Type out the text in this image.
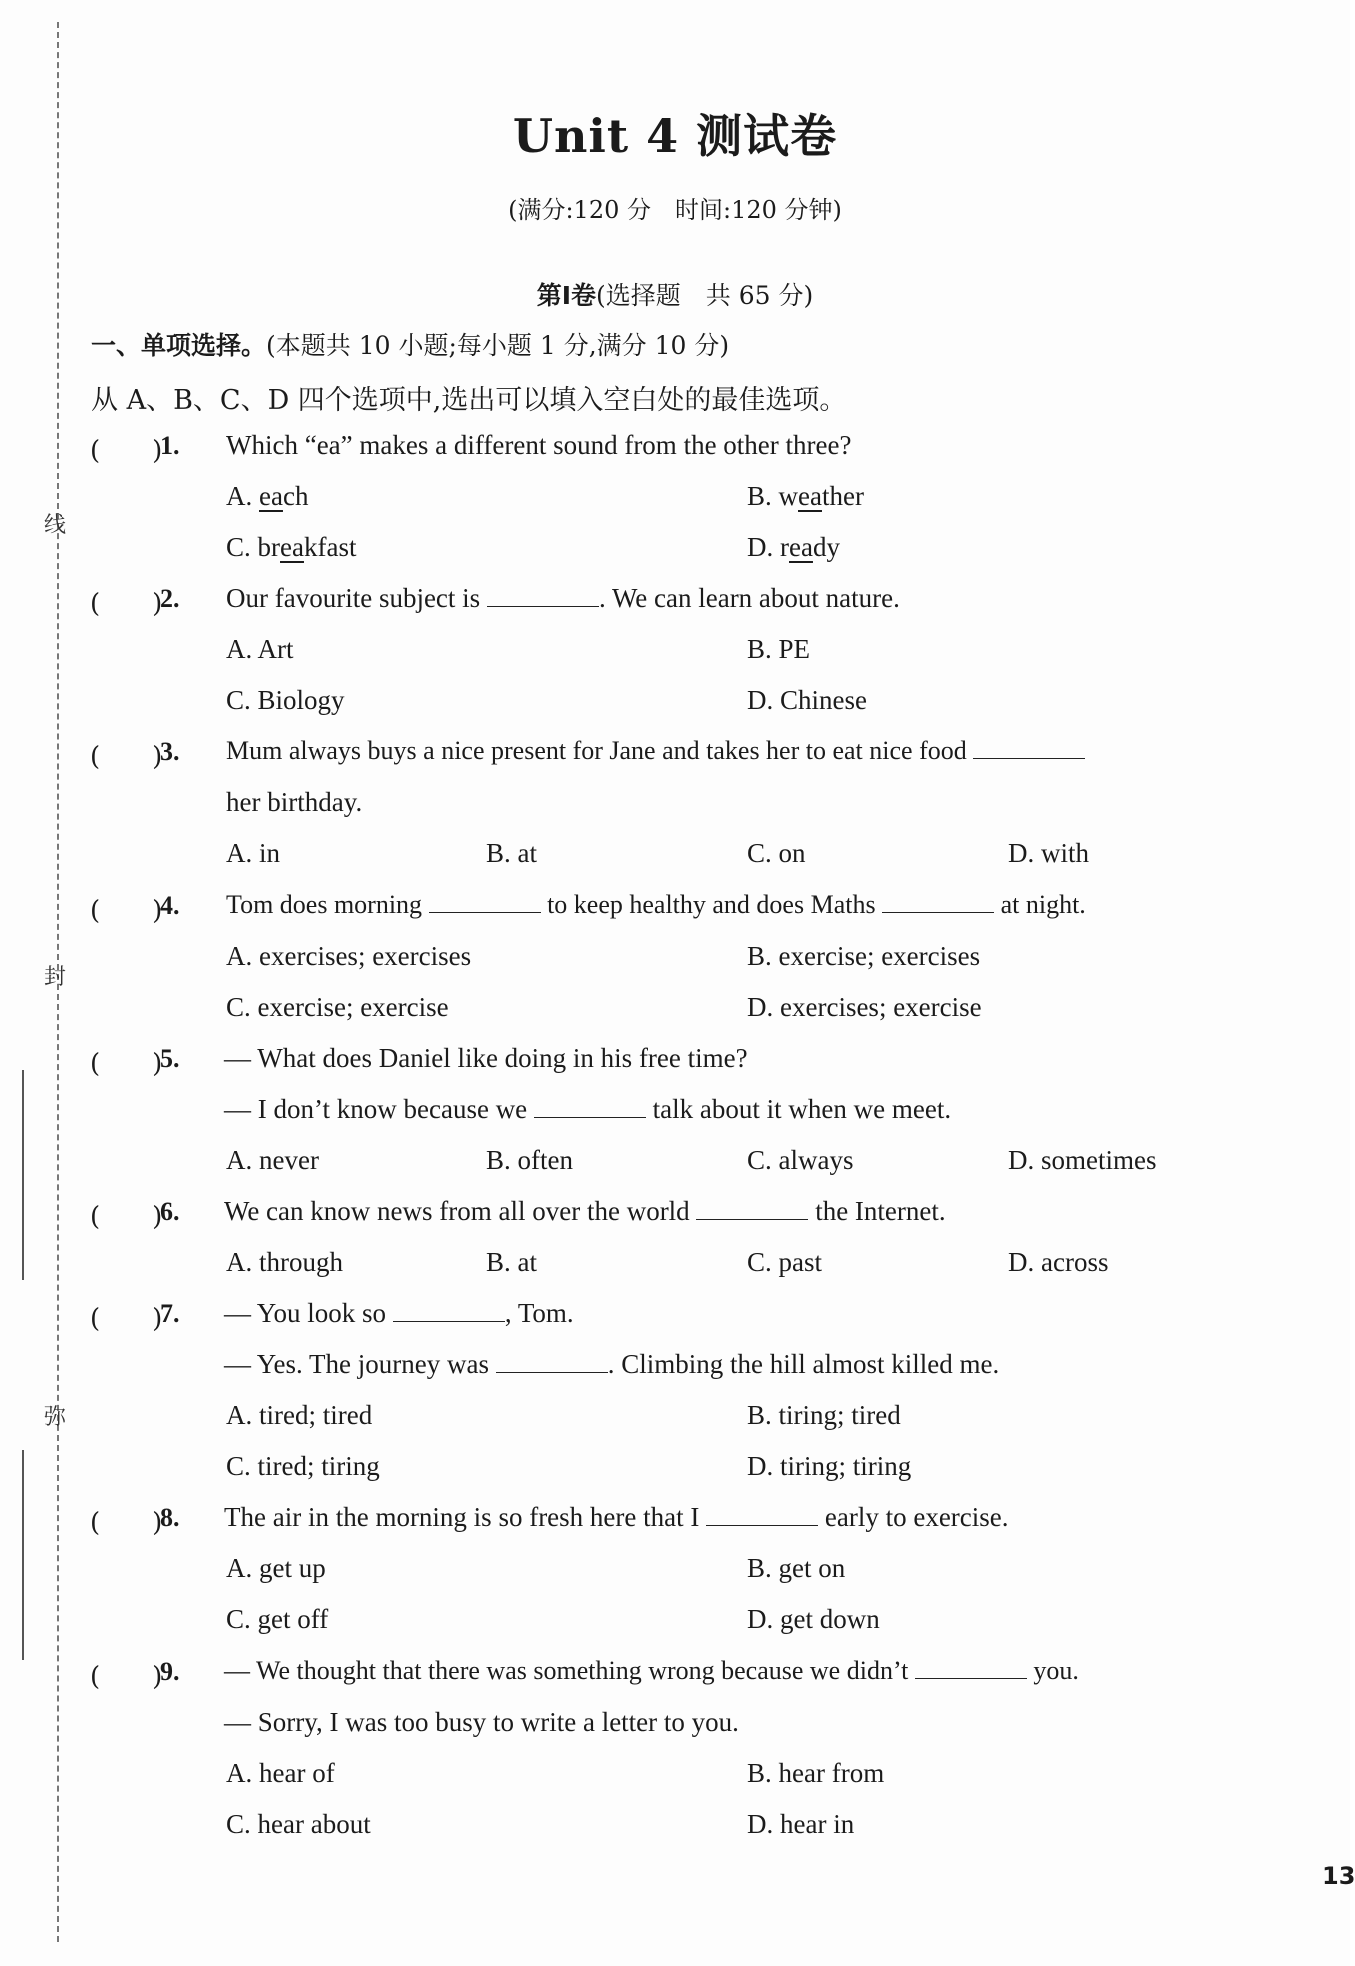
线
封
弥
Unit 4 测试卷
(满分:120 分　时间:120 分钟)
第Ⅰ卷(选择题　共 65 分)
一、单项选择。(本题共 10 小题;每小题 1 分,满分 10 分)
从 A、B、C、D 四个选项中,选出可以填入空白处的最佳选项。
(　　)
1. Which “ea” makes a different sound from the other three?
A. each	B. weather
C. breakfast	D. ready
(　　)
2. Our favourite subject is	. We can learn about nature.
A. Art	B. PE
C. Biology	D. Chinese
(　　)
3. Mum always buys a nice present for Jane and takes her to eat nice food
her birthday.
A. in	B. at	C. on	D. with
(　　)
4. Tom does morning	to keep healthy and does Maths	at night.
A. exercises; exercises	B. exercise; exercises
C. exercise; exercise	D. exercises; exercise
(　　)
5. — What does Daniel like doing in his free time?
— I don’t know because we	talk about it when we meet.
A. never	B. often	C. always	D. sometimes
(　　)
6. We can know news from all over the world	the Internet.
A. through	B. at	C. past	D. across
(　　)
7. — You look so	, Tom.
— Yes. The journey was	. Climbing the hill almost killed me.
A. tired; tired	B. tiring; tired
C. tired; tiring	D. tiring; tiring
(　　)
8. The air in the morning is so fresh here that I	early to exercise.
A. get up	B. get on
C. get off	D. get down
(　　)
9. — We thought that there was something wrong because we didn’t	you.
— Sorry, I was too busy to write a letter to you.
A. hear of	B. hear from
C. hear about	D. hear in
13
